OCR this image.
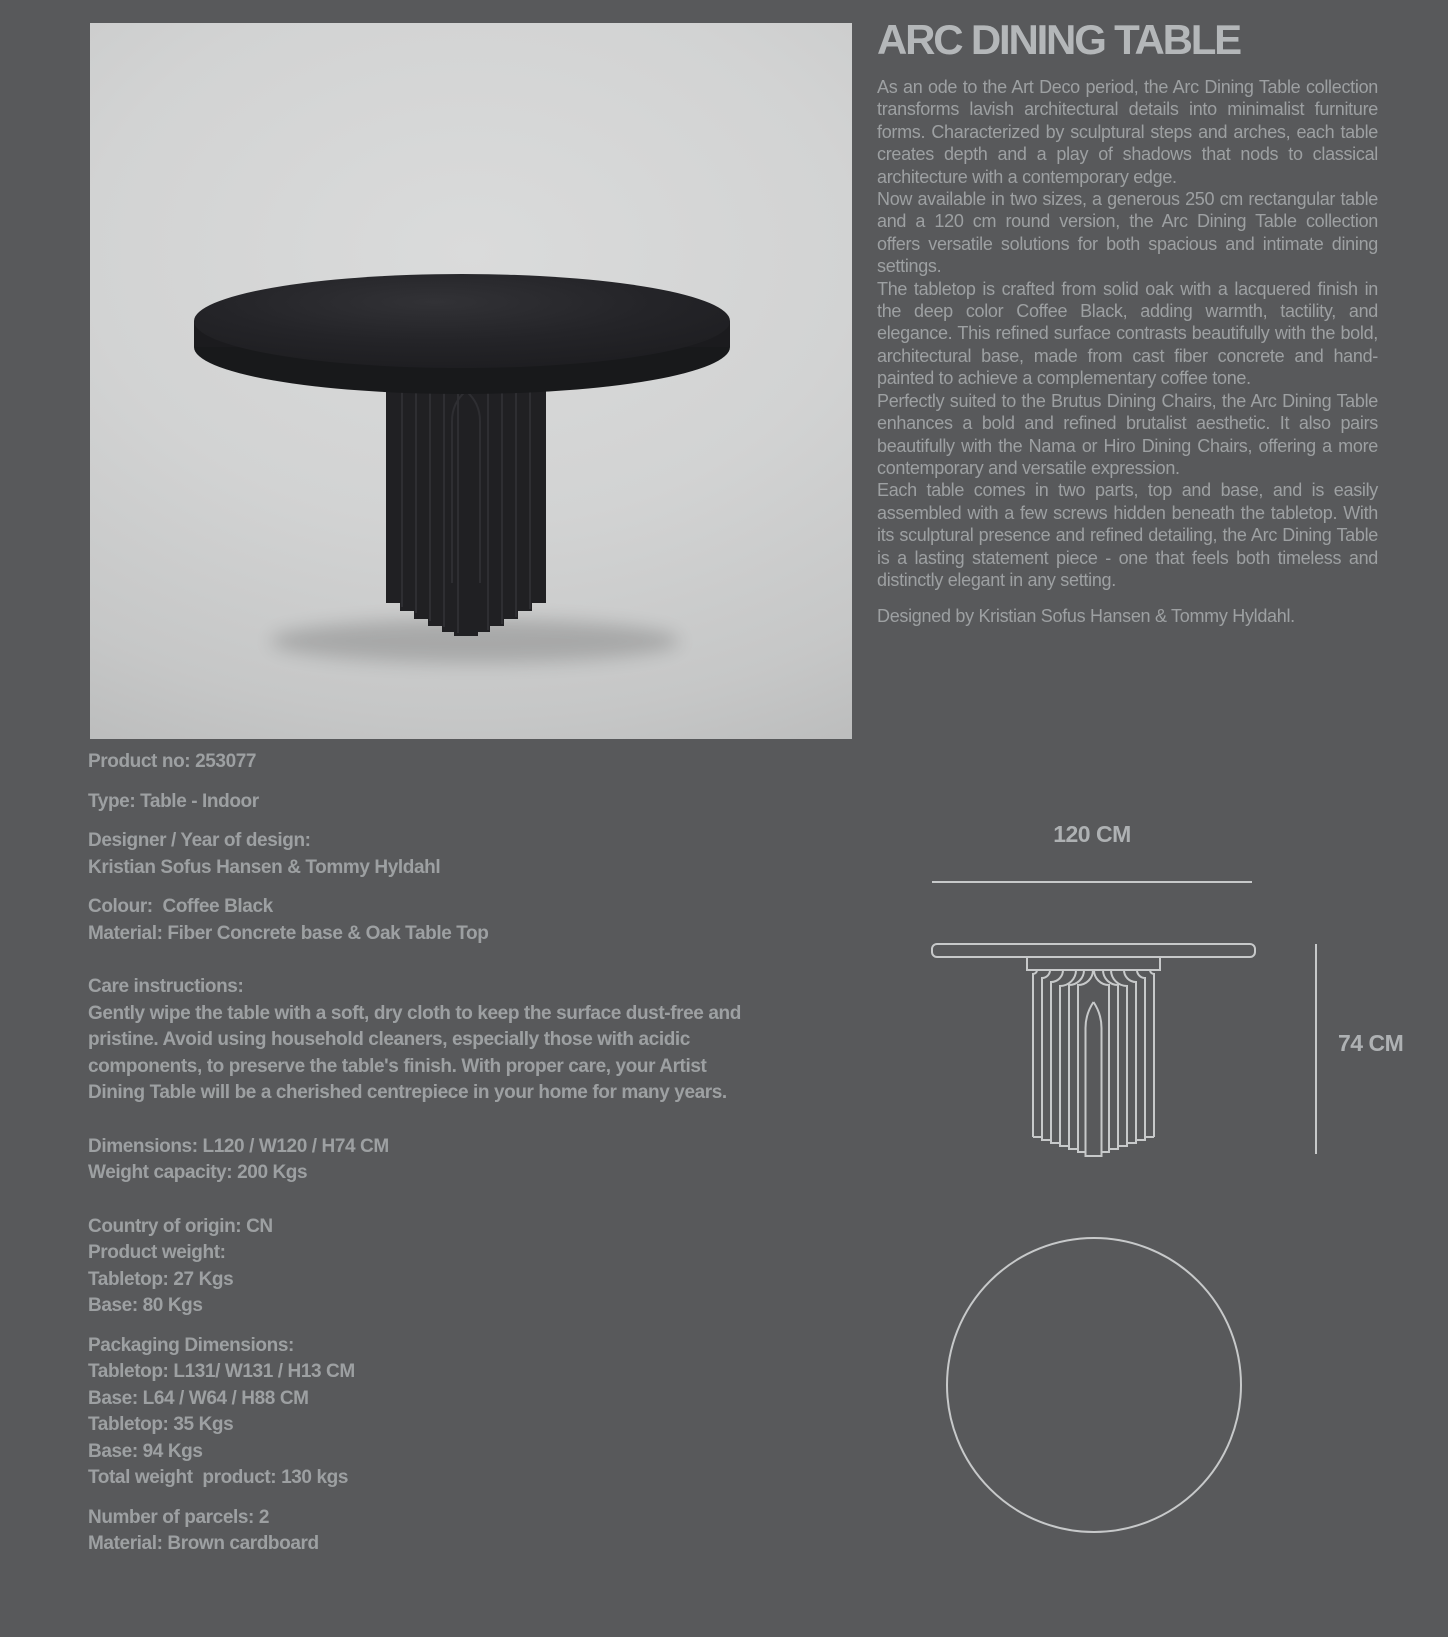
ARC DINING TABLE

As an ode to the Art Deco period, the Arc Dining Table collection transforms lavish architectural details into minimalist furniture forms. Characterized by sculptural steps and arches, each table creates depth and a play of shadows that nods to classical architecture with a contemporary edge.

Now available in two sizes, a generous 250 cm rectangular table and a 120 cm round version, the Arc Dining Table collection offers versatile solutions for both spacious and intimate dining settings.

The tabletop is crafted from solid oak with a lacquered finish in the deep color Coffee Black, adding warmth, tactility, and elegance. This refined surface contrasts beautifully with the bold, architectural base, made from cast fiber concrete and hand-painted to achieve a complementary coffee tone.

Perfectly suited to the Brutus Dining Chairs, the Arc Dining Table enhances a bold and refined brutalist aesthetic. It also pairs beautifully with the Nama or Hiro Dining Chairs, offering a more contemporary and versatile expression.

Each table comes in two parts, top and base, and is easily assembled with a few screws hidden beneath the tabletop. With its sculptural presence and refined detailing, the Arc Dining Table is a lasting statement piece - one that feels both timeless and distinctly elegant in any setting.

Designed by Kristian Sofus Hansen & Tommy Hyldahl.

Product no: 253077
Type: Table - Indoor
Designer / Year of design:
Kristian Sofus Hansen & Tommy Hyldahl
Colour:  Coffee Black
Material: Fiber Concrete base & Oak Table Top
Care instructions:
Gently wipe the table with a soft, dry cloth to keep the surface dust-free and pristine. Avoid using household cleaners, especially those with acidic components, to preserve the table's finish. With proper care, your Artist Dining Table will be a cherished centrepiece in your home for many years.
Dimensions: L120 / W120 / H74 CM
Weight capacity: 200 Kgs
Country of origin: CN
Product weight:
Tabletop: 27 Kgs
Base: 80 Kgs
Packaging Dimensions:
Tabletop: L131/ W131 / H13 CM
Base: L64 / W64 / H88 CM
Tabletop: 35 Kgs
Base: 94 Kgs
Total weight  product: 130 kgs
Number of parcels: 2
Material: Brown cardboard
120 CM
74 CM
